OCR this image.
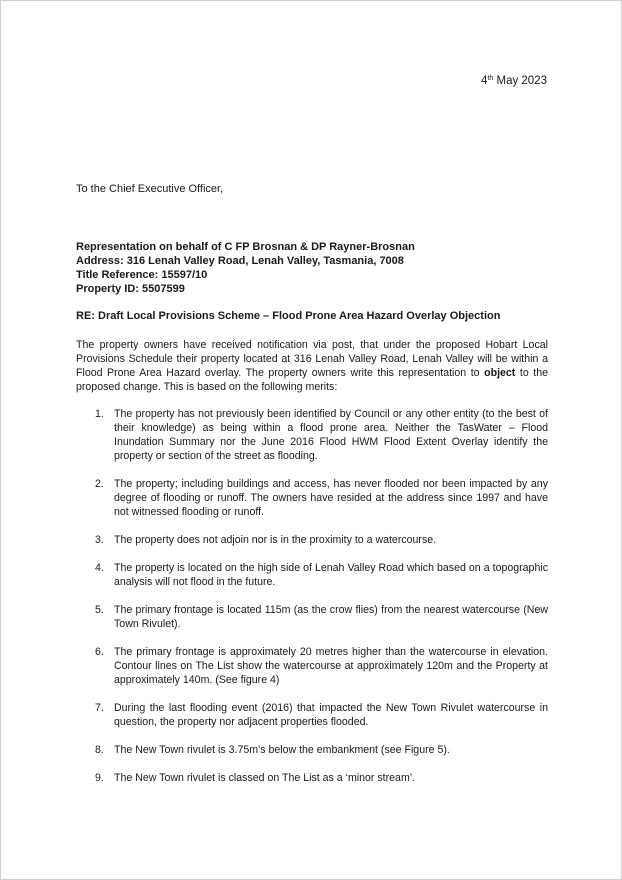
4th May 2023
To the Chief Executive Officer,
Representation on behalf of C FP Brosnan & DP Rayner-Brosnan
Address: 316 Lenah Valley Road, Lenah Valley, Tasmania, 7008
Title Reference: 15597/10
Property ID: 5507599
RE: Draft Local Provisions Scheme – Flood Prone Area Hazard Overlay Objection

The property owners have received notification via post, that under the proposed Hobart Local Provisions Schedule their property located at 316 Lenah Valley Road, Lenah Valley will be within a Flood Prone Area Hazard overlay. The property owners write this representation to object to the proposed change. This is based on the following merits:

1. The property has not previously been identified by Council or any other entity (to the best of their knowledge) as being within a flood prone area. Neither the TasWater – Flood Inundation Summary nor the June 2016 Flood HWM Flood Extent Overlay identify the property or section of the street as flooding.
2. The property; including buildings and access, has never flooded nor been impacted by any degree of flooding or runoff. The owners have resided at the address since 1997 and have not witnessed flooding or runoff.
3. The property does not adjoin nor is in the proximity to a watercourse.
4. The property is located on the high side of Lenah Valley Road which based on a topographic analysis will not flood in the future.
5. The primary frontage is located 115m (as the crow flies) from the nearest watercourse (New Town Rivulet).
6. The primary frontage is approximately 20 metres higher than the watercourse in elevation. Contour lines on The List show the watercourse at approximately 120m and the Property at approximately 140m. (See figure 4)
7. During the last flooding event (2016) that impacted the New Town Rivulet watercourse in question, the property nor adjacent properties flooded.
8. The New Town rivulet is 3.75m’s below the embankment (see Figure 5).
9. The New Town rivulet is classed on The List as a ‘minor stream’.
